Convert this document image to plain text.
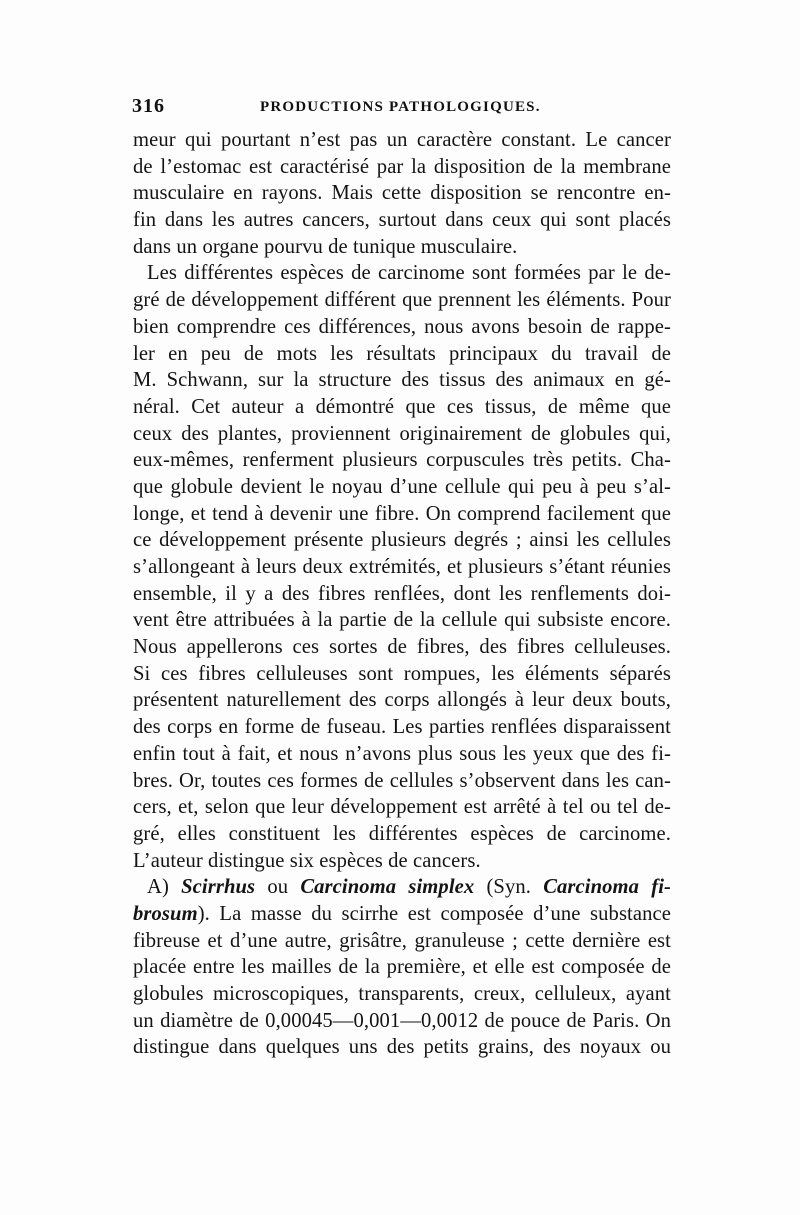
316	PRODUCTIONS PATHOLOGIQUES.
meur qui pourtant n’est pas un caractère constant. Le cancer
de l’estomac est caractérisé par la disposition de la membrane
musculaire en rayons. Mais cette disposition se rencontre en-
fin dans les autres cancers, surtout dans ceux qui sont placés
dans un organe pourvu de tunique musculaire.
Les différentes espèces de carcinome sont formées par le de-
gré de développement différent que prennent les éléments. Pour
bien comprendre ces différences, nous avons besoin de rappe-
ler en peu de mots les résultats principaux du travail de
M. Schwann, sur la structure des tissus des animaux en gé-
néral. Cet auteur a démontré que ces tissus, de même que
ceux des plantes, proviennent originairement de globules qui,
eux-mêmes, renferment plusieurs corpuscules très petits. Cha-
que globule devient le noyau d’une cellule qui peu à peu s’al-
longe, et tend à devenir une fibre. On comprend facilement que
ce développement présente plusieurs degrés ; ainsi les cellules
s’allongeant à leurs deux extrémités, et plusieurs s’étant réunies
ensemble, il y a des fibres renflées, dont les renflements doi-
vent être attribuées à la partie de la cellule qui subsiste encore.
Nous appellerons ces sortes de fibres, des fibres celluleuses.
Si ces fibres celluleuses sont rompues, les éléments séparés
présentent naturellement des corps allongés à leur deux bouts,
des corps en forme de fuseau. Les parties renflées disparaissent
enfin tout à fait, et nous n’avons plus sous les yeux que des fi-
bres. Or, toutes ces formes de cellules s’observent dans les can-
cers, et, selon que leur développement est arrêté à tel ou tel de-
gré, elles constituent les différentes espèces de carcinome.
L’auteur distingue six espèces de cancers.
A) Scirrhus ou Carcinoma simplex (Syn. Carcinoma fi-
brosum). La masse du scirrhe est composée d’une substance
fibreuse et d’une autre, grisâtre, granuleuse ; cette dernière est
placée entre les mailles de la première, et elle est composée de
globules microscopiques, transparents, creux, celluleux, ayant
un diamètre de 0,00045—0,001—0,0012 de pouce de Paris. On
distingue dans quelques uns des petits grains, des noyaux ou
